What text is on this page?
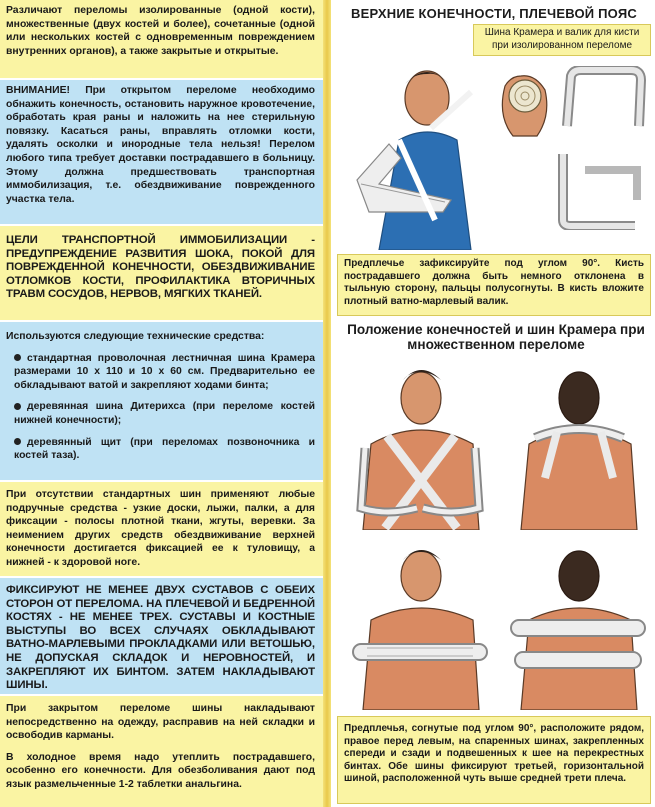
Различают переломы изолированные (одной кости), множественные (двух костей и более), сочетанные (одной или нескольких костей с одновременным повреждением внутренних органов), а также закрытые и открытые.
ВНИМАНИЕ! При открытом переломе необходимо обнажить конечность, остановить наружное кровотечение, обработать края раны и наложить на нее стерильную повязку. Касаться раны, вправлять отломки кости, удалять осколки и инородные тела нельзя! Перелом любого типа требует доставки пострадавшего в больницу. Этому должна предшествовать транспортная иммобилизация, т.е. обездвиживание поврежденного участка тела.
ЦЕЛИ ТРАНСПОРТНОЙ ИММОБИЛИЗАЦИИ - ПРЕДУПРЕЖДЕНИЕ РАЗВИТИЯ ШОКА, ПОКОЙ ДЛЯ ПОВРЕЖДЕННОЙ КОНЕЧНОСТИ, ОБЕЗДВИЖИВАНИЕ ОТЛОМКОВ КОСТИ, ПРОФИЛАКТИКА ВТОРИЧНЫХ ТРАВМ СОСУДОВ, НЕРВОВ, МЯГКИХ ТКАНЕЙ.
Используются следующие технические средства:
стандартная проволочная лестничная шина Крамера размерами 10 х 110 и 10 х 60 см. Предварительно ее обкладывают ватой и закрепляют ходами бинта;
деревянная шина Дитерихса (при переломе костей нижней конечности);
деревянный щит (при переломах позвоночника и костей таза).
При отсутствии стандартных шин применяют любые подручные средства - узкие доски, лыжи, палки, а для фиксации - полосы плотной ткани, жгуты, веревки. За неимением других средств обездвиживание верхней конечности достигается фиксацией ее к туловищу, а нижней - к здоровой ноге.
ФИКСИРУЮТ НЕ МЕНЕЕ ДВУХ СУСТАВОВ С ОБЕИХ СТОРОН ОТ ПЕРЕЛОМА. НА ПЛЕЧЕВОЙ И БЕДРЕННОЙ КОСТЯХ - НЕ МЕНЕЕ ТРЕХ. СУСТАВЫ И КОСТНЫЕ ВЫСТУПЫ ВО ВСЕХ СЛУЧАЯХ ОБКЛАДЫВАЮТ ВАТНО-МАРЛЕВЫМИ ПРОКЛАДКАМИ ИЛИ ВЕТОШЬЮ, НЕ ДОПУСКАЯ СКЛАДОК И НЕРОВНОСТЕЙ, И ЗАКРЕПЛЯЮТ ИХ БИНТОМ. ЗАТЕМ НАКЛАДЫВАЮТ ШИНЫ.
При закрытом переломе шины накладывают непосредственно на одежду, расправив на ней складки и освободив карманы.
В холодное время надо утеплить пострадавшего, особенно его конечности. Для обезболивания дают под язык размельченные 1-2 таблетки анальгина.
ВЕРХНИЕ КОНЕЧНОСТИ, ПЛЕЧЕВОЙ ПОЯС
Шина Крамера и валик для кисти при изолированном переломе
Предплечье зафиксируйте под углом 90°. Кисть пострадавшего должна быть немного отклонена в тыльную сторону, пальцы полусогнуты. В кисть вложите плотный ватно-марлевый валик.
Положение конечностей и шин Крамера при множественном переломе
Предплечья, согнутые под углом 90°, расположите рядом, правое перед левым, на спаренных шинах, закрепленных спереди и сзади и подвешенных к шее на перекрестных бинтах. Обе шины фиксируют третьей, горизонтальной шиной, расположенной чуть выше средней трети плеча.
